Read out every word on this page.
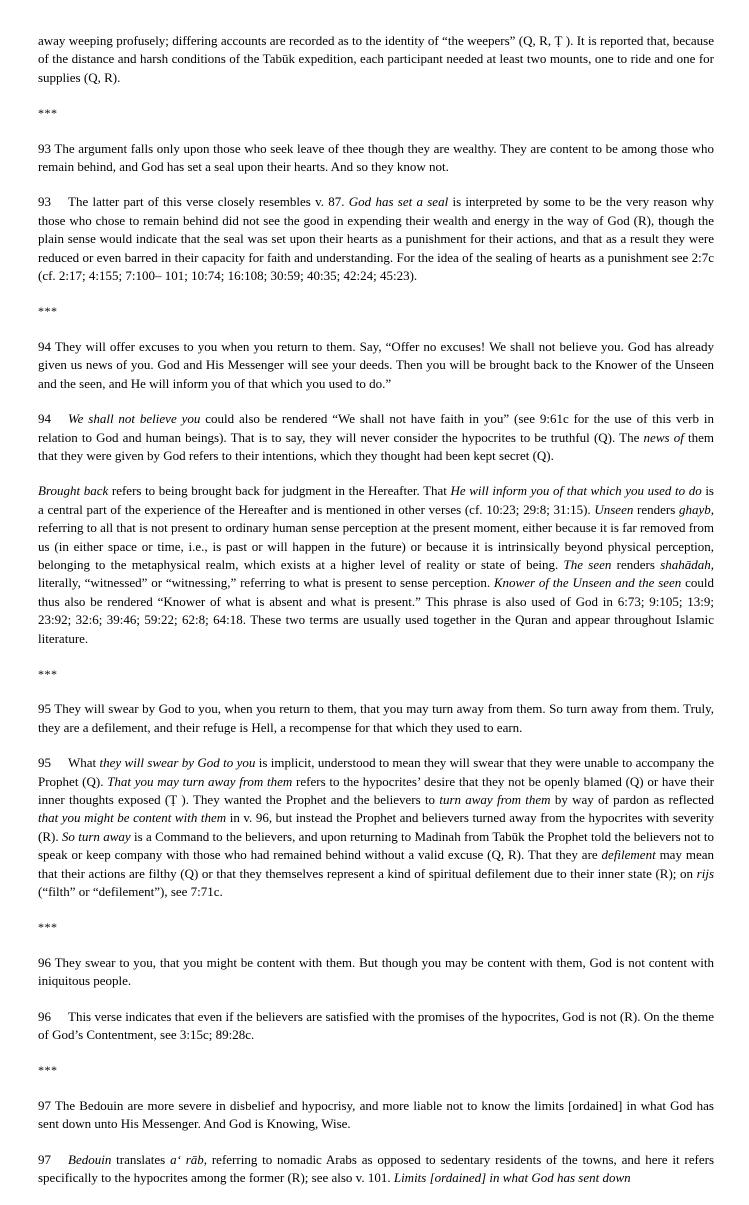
away weeping profusely; differing accounts are recorded as to the identity of “the weepers” (Q, R, Ṭ ). It is reported that, because of the distance and harsh conditions of the Tabūk expedition, each participant needed at least two mounts, one to ride and one for supplies (Q, R).

***

93 The argument falls only upon those who seek leave of thee though they are wealthy. They are content to be among those who remain behind, and God has set a seal upon their hearts. And so they know not.

93 The latter part of this verse closely resembles v. 87. God has set a seal is interpreted by some to be the very reason why those who chose to remain behind did not see the good in expending their wealth and energy in the way of God (R), though the plain sense would indicate that the seal was set upon their hearts as a punishment for their actions, and that as a result they were reduced or even barred in their capacity for faith and understanding. For the idea of the sealing of hearts as a punishment see 2:7c (cf. 2:17; 4:155; 7:100– 101; 10:74; 16:108; 30:59; 40:35; 42:24; 45:23).

***

94 They will offer excuses to you when you return to them. Say, “Offer no excuses! We shall not believe you. God has already given us news of you. God and His Messenger will see your deeds. Then you will be brought back to the Knower of the Unseen and the seen, and He will inform you of that which you used to do.”

94 We shall not believe you could also be rendered “We shall not have faith in you” (see 9:61c for the use of this verb in relation to God and human beings). That is to say, they will never consider the hypocrites to be truthful (Q). The news of them that they were given by God refers to their intentions, which they thought had been kept secret (Q).

Brought back refers to being brought back for judgment in the Hereafter. That He will inform you of that which you used to do is a central part of the experience of the Hereafter and is mentioned in other verses (cf. 10:23; 29:8; 31:15). Unseen renders ghayb, referring to all that is not present to ordinary human sense perception at the present moment, either because it is far removed from us (in either space or time, i.e., is past or will happen in the future) or because it is intrinsically beyond physical perception, belonging to the metaphysical realm, which exists at a higher level of reality or state of being. The seen renders shahādah, literally, “witnessed” or “witnessing,” referring to what is present to sense perception. Knower of the Unseen and the seen could thus also be rendered “Knower of what is absent and what is present.” This phrase is also used of God in 6:73; 9:105; 13:9; 23:92; 32:6; 39:46; 59:22; 62:8; 64:18. These two terms are usually used together in the Quran and appear throughout Islamic literature.

***

95 They will swear by God to you, when you return to them, that you may turn away from them. So turn away from them. Truly, they are a defilement, and their refuge is Hell, a recompense for that which they used to earn.

95 What they will swear by God to you is implicit, understood to mean they will swear that they were unable to accompany the Prophet (Q). That you may turn away from them refers to the hypocrites’ desire that they not be openly blamed (Q) or have their inner thoughts exposed (Ṭ ). They wanted the Prophet and the believers to turn away from them by way of pardon as reflected that you might be content with them in v. 96, but instead the Prophet and believers turned away from the hypocrites with severity (R). So turn away is a Command to the believers, and upon returning to Madinah from Tabūk the Prophet told the believers not to speak or keep company with those who had remained behind without a valid excuse (Q, R). That they are defilement may mean that their actions are filthy (Q) or that they themselves represent a kind of spiritual defilement due to their inner state (R); on rijs (“filth” or “defilement”), see 7:71c.

***

96 They swear to you, that you might be content with them. But though you may be content with them, God is not content with iniquitous people.

96 This verse indicates that even if the believers are satisfied with the promises of the hypocrites, God is not (R). On the theme of God’s Contentment, see 3:15c; 89:28c.

***

97 The Bedouin are more severe in disbelief and hypocrisy, and more liable not to know the limits [ordained] in what God has sent down unto His Messenger. And God is Knowing, Wise.

97 Bedouin translates aʻ rāb, referring to nomadic Arabs as opposed to sedentary residents of the towns, and here it refers specifically to the hypocrites among the former (R); see also v. 101. Limits [ordained] in what God has sent down
